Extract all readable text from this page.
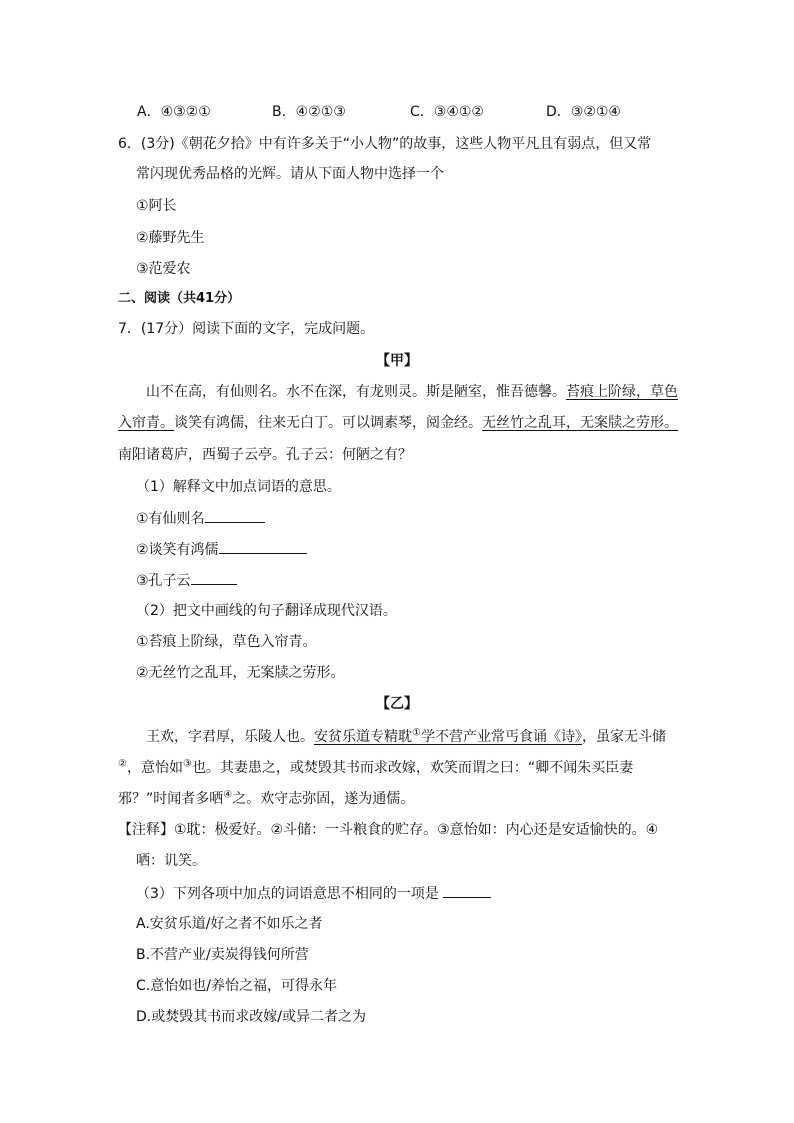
A．④③②①	B．④②①③	C．③④①②	D．③②①④
6．(3分)《朝花夕拾》中有许多关于“小人物”的故事，这些人物平凡且有弱点，但又常
常闪现优秀品格的光辉。请从下面人物中选择一个
①阿长
②藤野先生
③范爱农
二、阅读（共41分）
7．(17分）阅读下面的文字，完成问题。
【甲】
山不在高，有仙则名。水不在深，有龙则灵。斯是陋室，惟吾德馨。苔痕上阶绿，草色
入帘青。谈笑有鸿儒，往来无白丁。可以调素琴，阅金经。无丝竹之乱耳，无案牍之劳形。
南阳诸葛庐，西蜀子云亭。孔子云：何陋之有？
（1）解释文中加点词语的意思。
①有仙则名
②谈笑有鸿儒
③孔子云
（2）把文中画线的句子翻译成现代汉语。
①苔痕上阶绿，草色入帘青。
②无丝竹之乱耳，无案牍之劳形。
【乙】
王欢，字君厚，乐陵人也。安贫乐道专精耽①学不营产业常丐食诵《诗》，虽家无斗储
②，意怡如③也。其妻患之，或焚毁其书而求改嫁，欢笑而谓之曰：“卿不闻朱买臣妻
邪？”时闻者多哂④之。欢守志弥固，遂为通儒。
【注释】①耽：极爱好。②斗储：一斗粮食的贮存。③意怡如：内心还是安适愉快的。④
哂：讥笑。
（3）下列各项中加点的词语意思不相同的一项是
A.安贫乐道/好之者不如乐之者
B.不营产业/卖炭得钱何所营
C.意怡如也/养怡之福，可得永年
D.或焚毁其书而求改嫁/或异二者之为
